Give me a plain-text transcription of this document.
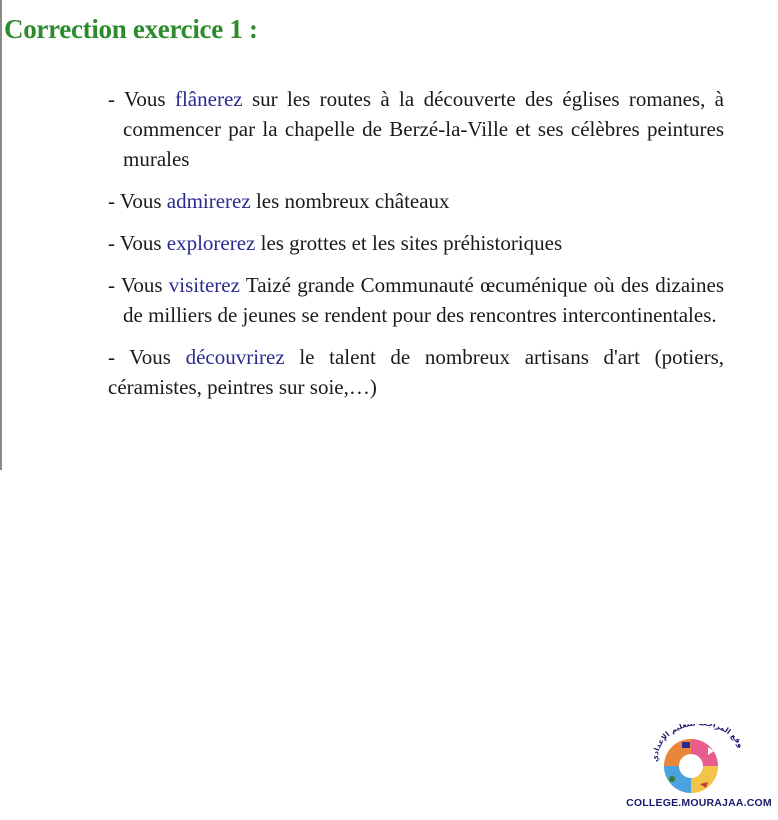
Correction exercice 1 :

- Vous flânerez sur les routes à la découverte des églises romanes, à commencer par la chapelle de Berzé-la-Ville et ses célèbres peintures murales

- Vous admirerez les nombreux châteaux

- Vous explorerez les grottes et les sites préhistoriques

- Vous visiterez Taizé grande Communauté œcuménique où des dizaines de milliers de jeunes se rendent pour des rencontres intercontinentales.

- Vous découvrirez le talent de nombreux artisans d'art (potiers, céramistes, peintres sur soie,…)

وقع المرا تعليم الإعدادي
COLLEGE.MOURAJAA.COM
